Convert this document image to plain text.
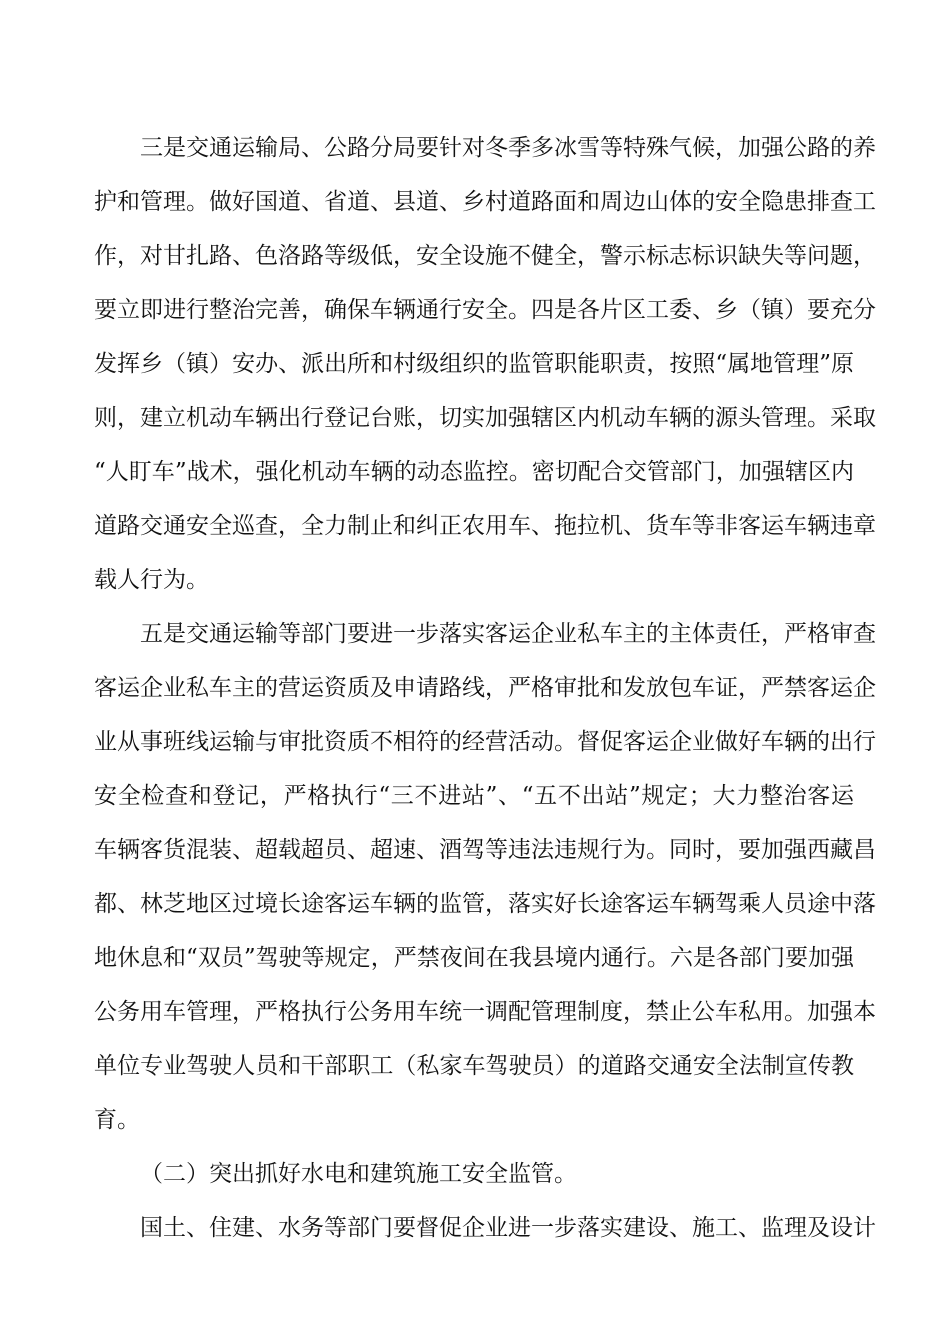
三是交通运输局、公路分局要针对冬季多冰雪等特殊气候，加强公路的养
护和管理。做好国道、省道、县道、乡村道路面和周边山体的安全隐患排查工
作，对甘扎路、色洛路等级低，安全设施不健全，警示标志标识缺失等问题，
要立即进行整治完善，确保车辆通行安全。四是各片区工委、乡（镇）要充分
发挥乡（镇）安办、派出所和村级组织的监管职能职责，按照“属地管理”原
则，建立机动车辆出行登记台账，切实加强辖区内机动车辆的源头管理。采取
“人盯车”战术，强化机动车辆的动态监控。密切配合交管部门，加强辖区内
道路交通安全巡查，全力制止和纠正农用车、拖拉机、货车等非客运车辆违章
载人行为。
五是交通运输等部门要进一步落实客运企业私车主的主体责任，严格审查
客运企业私车主的营运资质及申请路线，严格审批和发放包车证，严禁客运企
业从事班线运输与审批资质不相符的经营活动。督促客运企业做好车辆的出行
安全检查和登记，严格执行“三不进站”、“五不出站”规定；大力整治客运
车辆客货混装、超载超员、超速、酒驾等违法违规行为。同时，要加强西藏昌
都、林芝地区过境长途客运车辆的监管，落实好长途客运车辆驾乘人员途中落
地休息和“双员”驾驶等规定，严禁夜间在我县境内通行。六是各部门要加强
公务用车管理，严格执行公务用车统一调配管理制度，禁止公车私用。加强本
单位专业驾驶人员和干部职工（私家车驾驶员）的道路交通安全法制宣传教
育。
（二）突出抓好水电和建筑施工安全监管。
国土、住建、水务等部门要督促企业进一步落实建设、施工、监理及设计
